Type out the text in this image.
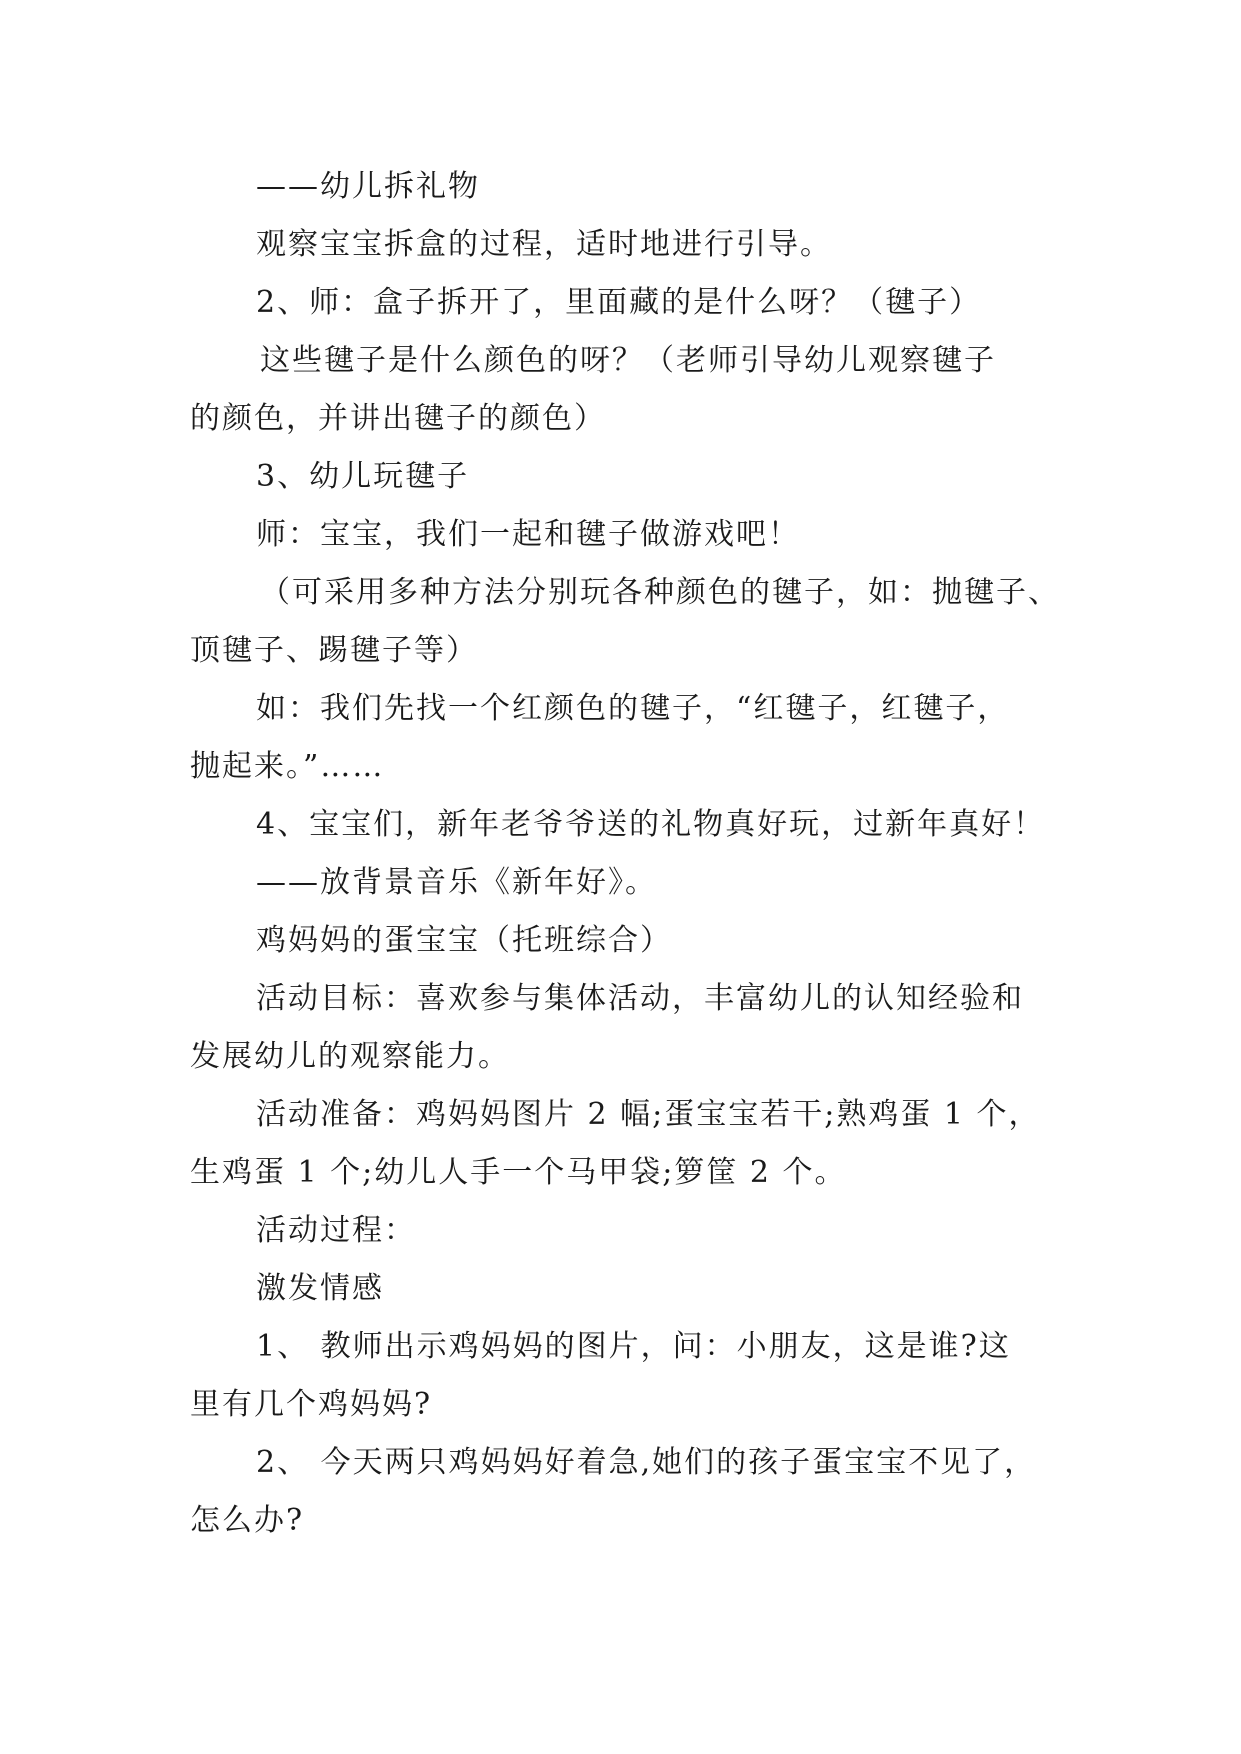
——幼儿拆礼物
观察宝宝拆盒的过程，适时地进行引导。
2、师：盒子拆开了，里面藏的是什么呀？（毽子）
这些毽子是什么颜色的呀？（老师引导幼儿观察毽子
的颜色，并讲出毽子的颜色）
3、幼儿玩毽子
师：宝宝，我们一起和毽子做游戏吧！
（可采用多种方法分别玩各种颜色的毽子，如：抛毽子、
顶毽子、踢毽子等）
如：我们先找一个红颜色的毽子，“红毽子，红毽子，
抛起来。”……
4、宝宝们，新年老爷爷送的礼物真好玩，过新年真好！
——放背景音乐《新年好》。
鸡妈妈的蛋宝宝（托班综合）
活动目标：喜欢参与集体活动，丰富幼儿的认知经验和
发展幼儿的观察能力。
活动准备：鸡妈妈图片 2 幅;蛋宝宝若干;熟鸡蛋 1 个，
生鸡蛋 1 个;幼儿人手一个马甲袋;箩筐 2 个。
活动过程：
激发情感
1、 教师出示鸡妈妈的图片，问：小朋友，这是谁?这
里有几个鸡妈妈?
2、 今天两只鸡妈妈好着急,她们的孩子蛋宝宝不见了，
怎么办?
